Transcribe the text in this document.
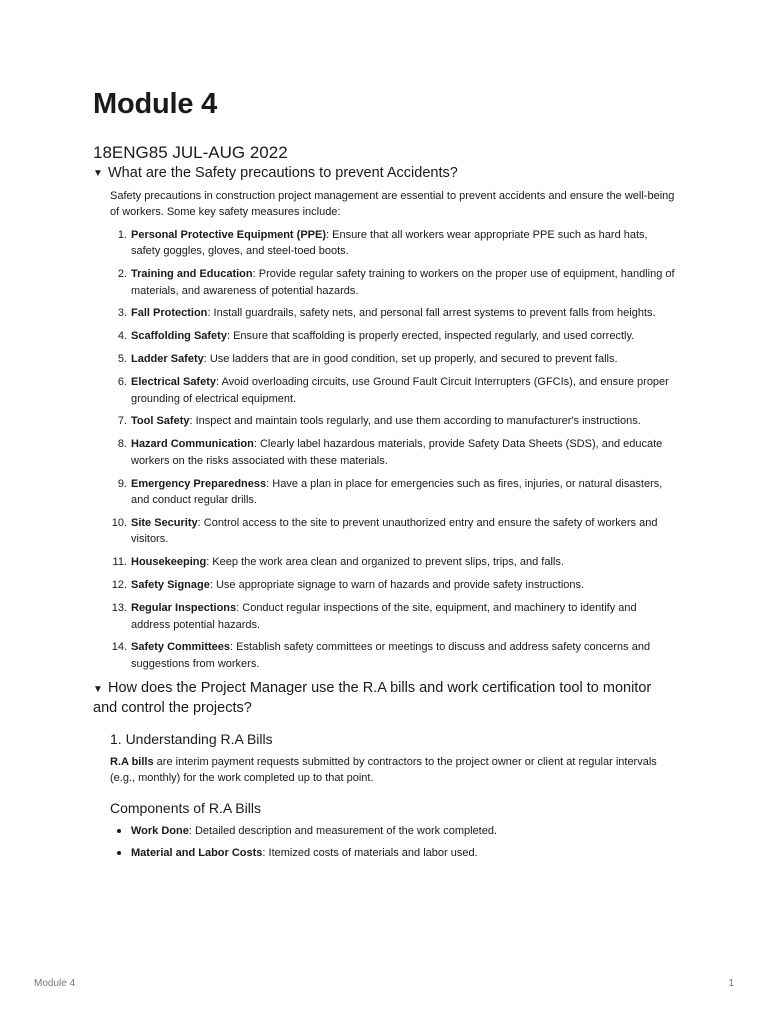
Module 4
18ENG85 JUL-AUG 2022
▼ What are the Safety precautions to prevent Accidents?

Safety precautions in construction project management are essential to prevent accidents and ensure the well-being of workers. Some key safety measures include:

1. Personal Protective Equipment (PPE): Ensure that all workers wear appropriate PPE such as hard hats, safety goggles, gloves, and steel-toed boots.
2. Training and Education: Provide regular safety training to workers on the proper use of equipment, handling of materials, and awareness of potential hazards.
3. Fall Protection: Install guardrails, safety nets, and personal fall arrest systems to prevent falls from heights.
4. Scaffolding Safety: Ensure that scaffolding is properly erected, inspected regularly, and used correctly.
5. Ladder Safety: Use ladders that are in good condition, set up properly, and secured to prevent falls.
6. Electrical Safety: Avoid overloading circuits, use Ground Fault Circuit Interrupters (GFCIs), and ensure proper grounding of electrical equipment.
7. Tool Safety: Inspect and maintain tools regularly, and use them according to manufacturer's instructions.
8. Hazard Communication: Clearly label hazardous materials, provide Safety Data Sheets (SDS), and educate workers on the risks associated with these materials.
9. Emergency Preparedness: Have a plan in place for emergencies such as fires, injuries, or natural disasters, and conduct regular drills.
10. Site Security: Control access to the site to prevent unauthorized entry and ensure the safety of workers and visitors.
11. Housekeeping: Keep the work area clean and organized to prevent slips, trips, and falls.
12. Safety Signage: Use appropriate signage to warn of hazards and provide safety instructions.
13. Regular Inspections: Conduct regular inspections of the site, equipment, and machinery to identify and address potential hazards.
14. Safety Committees: Establish safety committees or meetings to discuss and address safety concerns and suggestions from workers.
▼ How does the Project Manager use the R.A bills and work certification tool to monitor and control the projects?
1. Understanding R.A Bills

R.A bills are interim payment requests submitted by contractors to the project owner or client at regular intervals (e.g., monthly) for the work completed up to that point.

Components of R.A Bills
Work Done: Detailed description and measurement of the work completed.
Material and Labor Costs: Itemized costs of materials and labor used.
Module 4	1
